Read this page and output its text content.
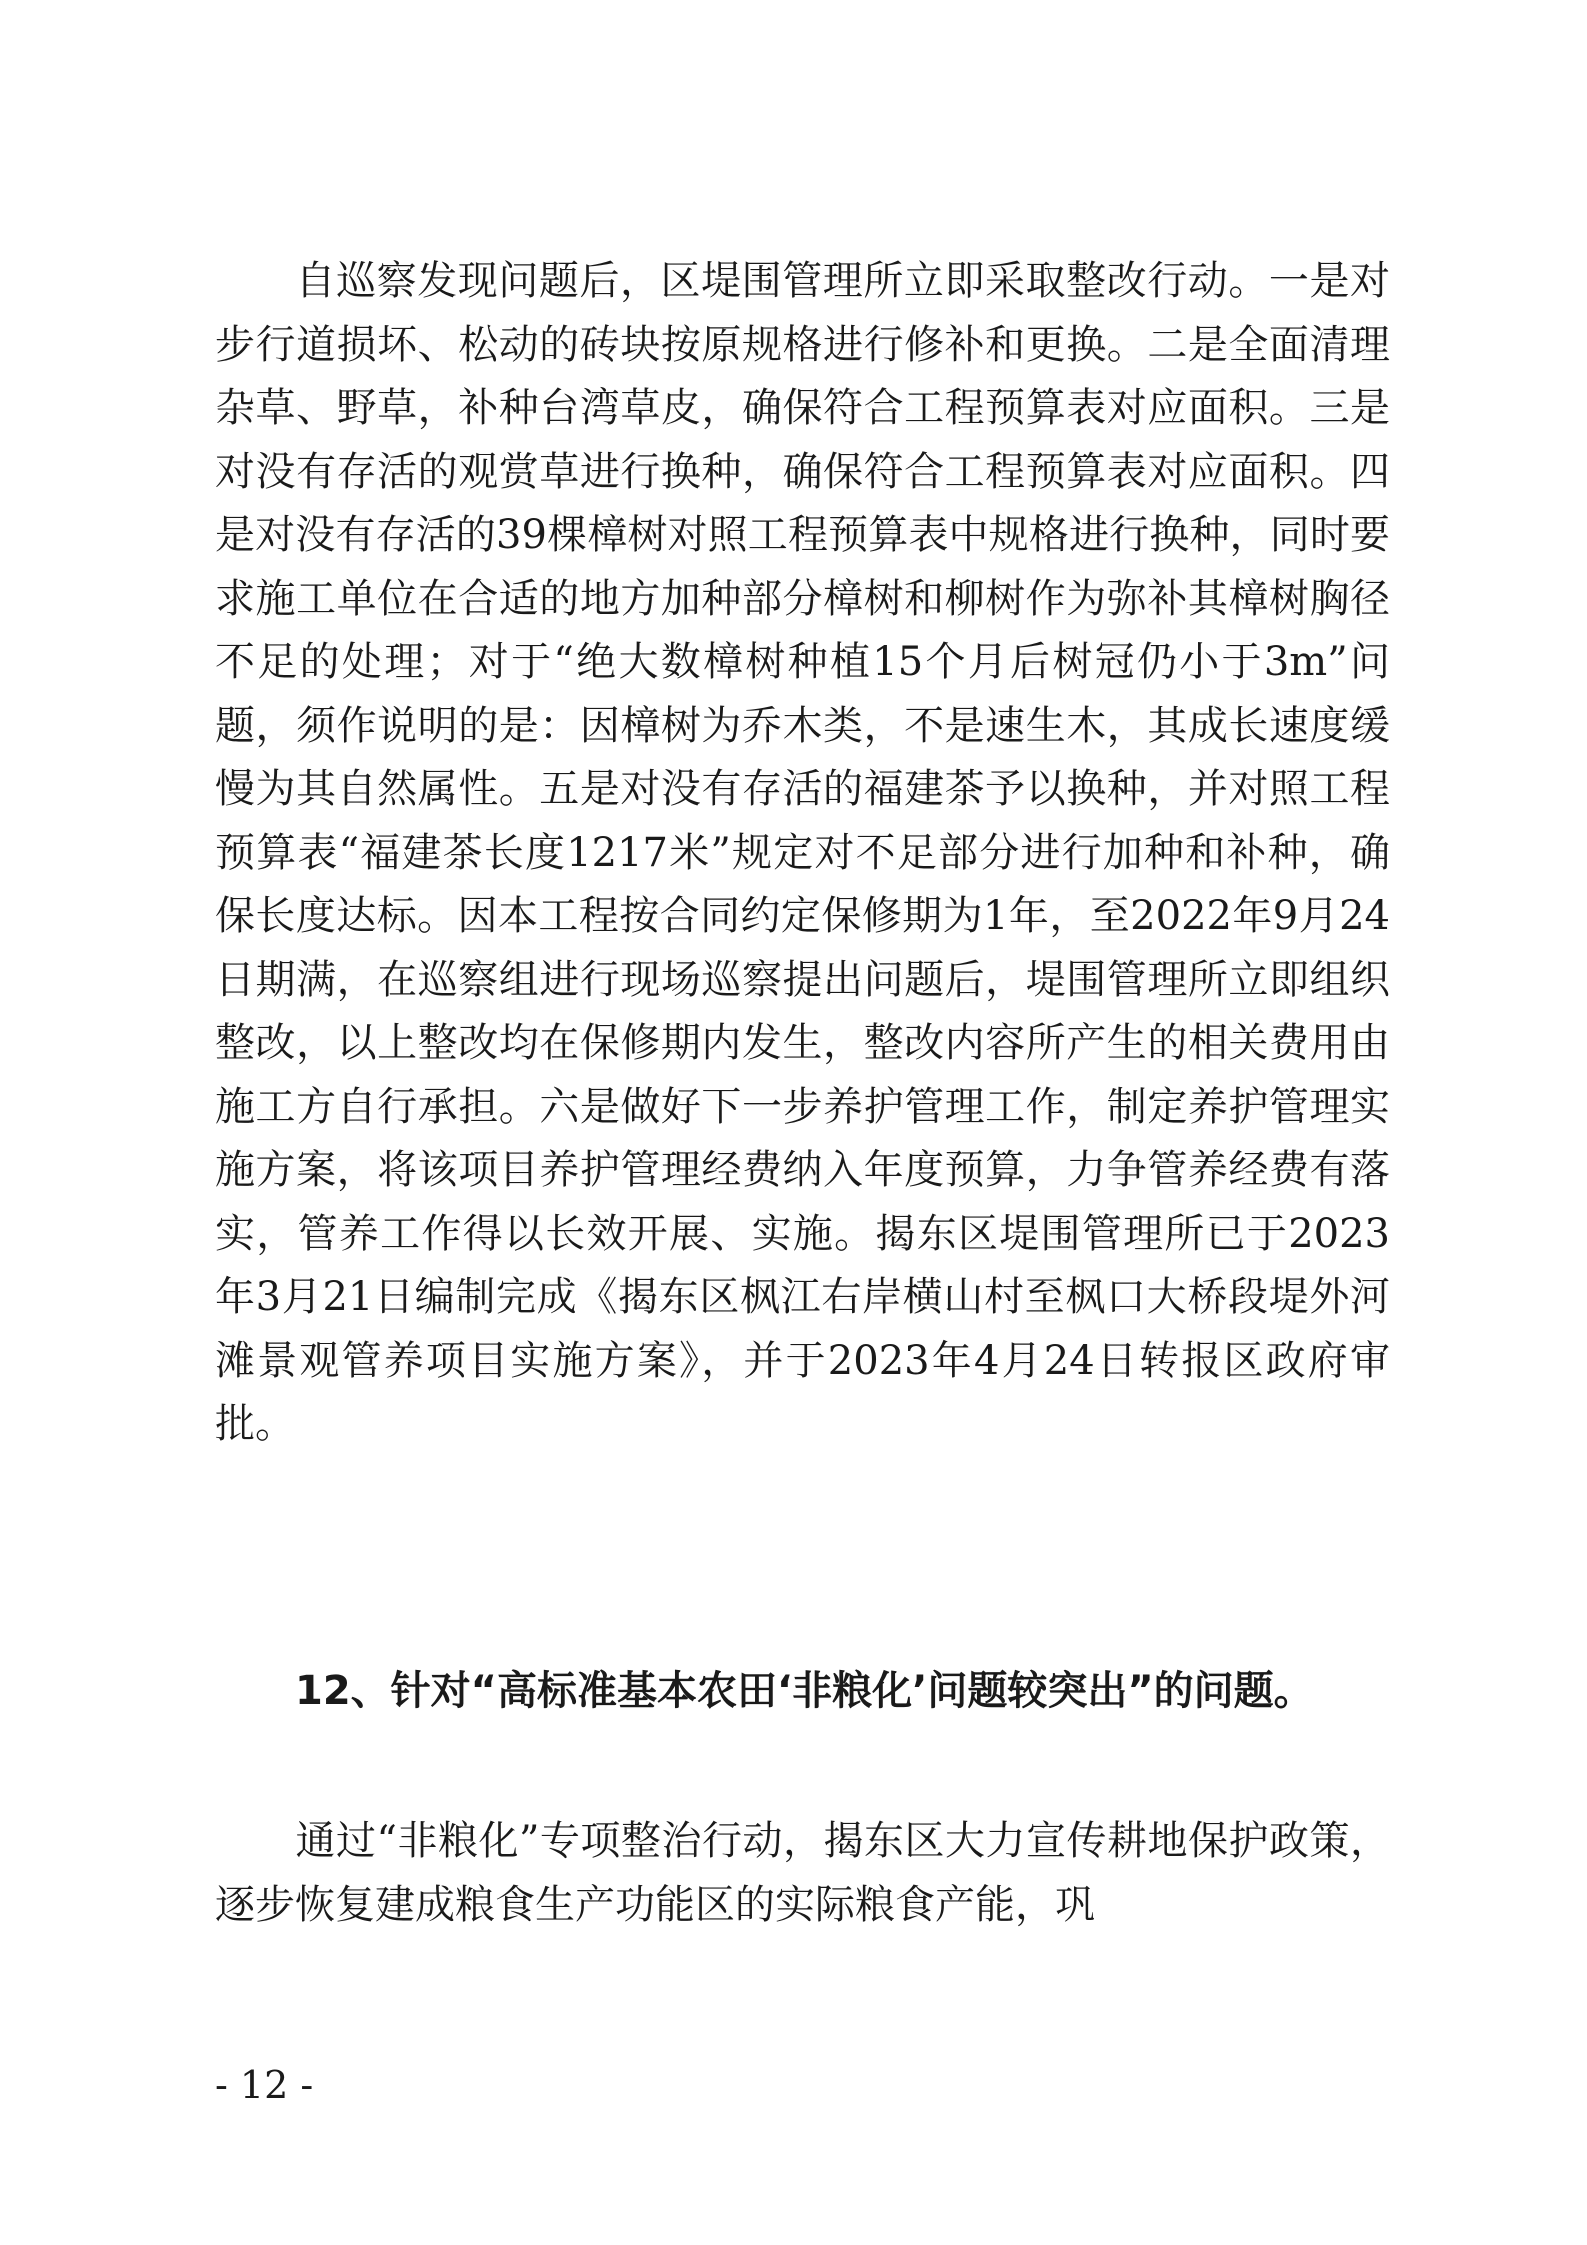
自巡察发现问题后，区堤围管理所立即采取整改行动。一是对步行道损坏、松动的砖块按原规格进行修补和更换。二是全面清理杂草、野草，补种台湾草皮，确保符合工程预算表对应面积。三是对没有存活的观赏草进行换种，确保符合工程预算表对应面积。四是对没有存活的39棵樟树对照工程预算表中规格进行换种，同时要求施工单位在合适的地方加种部分樟树和柳树作为弥补其樟树胸径不足的处理；对于“绝大数樟树种植15个月后树冠仍小于3m”问题，须作说明的是：因樟树为乔木类，不是速生木，其成长速度缓慢为其自然属性。五是对没有存活的福建茶予以换种，并对照工程预算表“福建茶长度1217米”规定对不足部分进行加种和补种，确保长度达标。因本工程按合同约定保修期为1年，至2022年9月24日期满，在巡察组进行现场巡察提出问题后，堤围管理所立即组织整改，以上整改均在保修期内发生，整改内容所产生的相关费用由施工方自行承担。六是做好下一步养护管理工作，制定养护管理实施方案，将该项目养护管理经费纳入年度预算，力争管养经费有落实，管养工作得以长效开展、实施。揭东区堤围管理所已于2023年3月21日编制完成《揭东区枫江右岸横山村至枫口大桥段堤外河滩景观管养项目实施方案》，并于2023年4月24日转报区政府审批。

12、针对“高标准基本农田‘非粮化’问题较突出”的问题。

通过“非粮化”专项整治行动，揭东区大力宣传耕地保护政策，逐步恢复建成粮食生产功能区的实际粮食产能，巩

- 12 -
